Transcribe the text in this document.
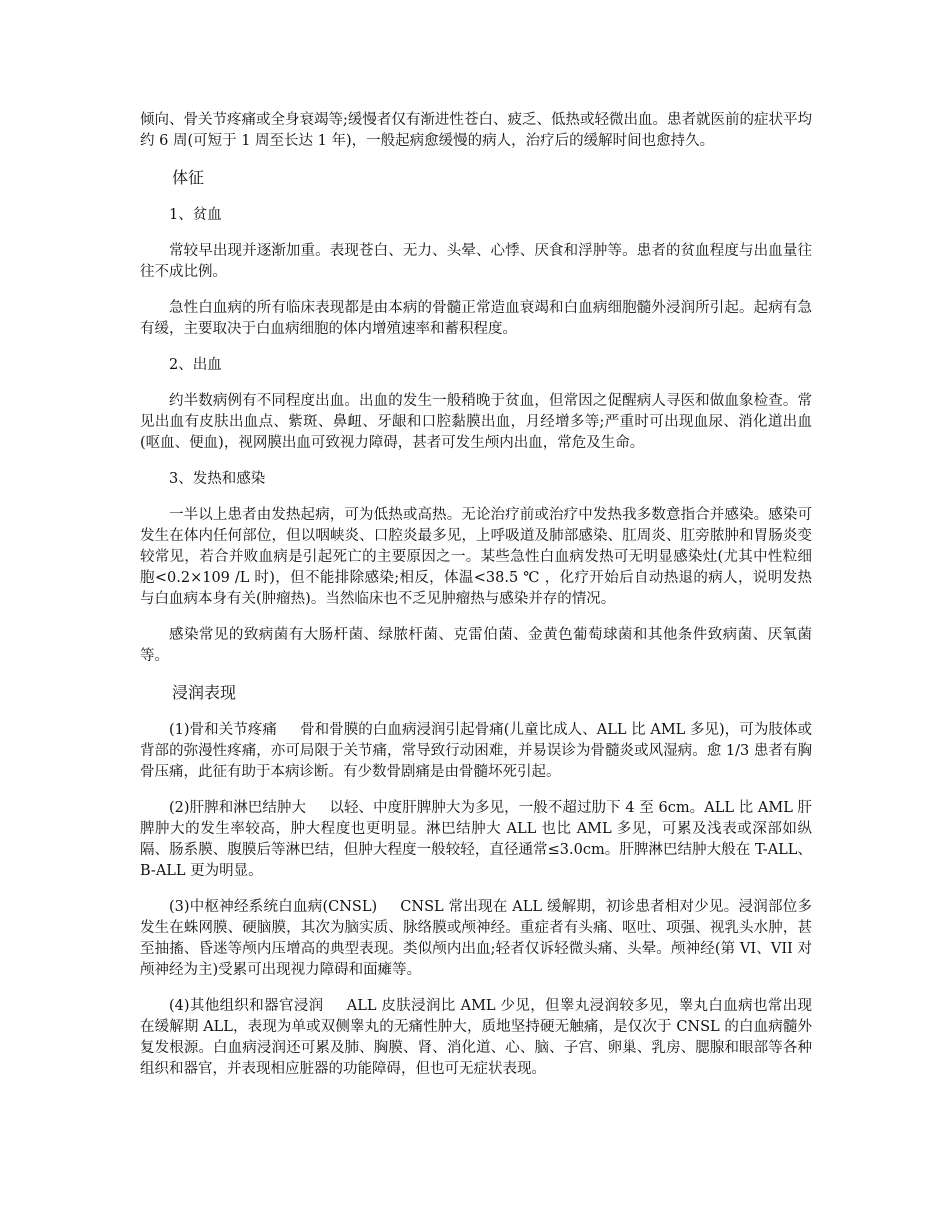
倾向、骨关节疼痛或全身衰竭等;缓慢者仅有渐进性苍白、疲乏、低热或轻微出血。患者就医前的症状平均约 6 周(可短于 1 周至长达 1 年)，一般起病愈缓慢的病人，治疗后的缓解时间也愈持久。

体征
1、贫血

常较早出现并逐渐加重。表现苍白、无力、头晕、心悸、厌食和浮肿等。患者的贫血程度与出血量往往不成比例。

急性白血病的所有临床表现都是由本病的骨髓正常造血衰竭和白血病细胞髓外浸润所引起。起病有急有缓，主要取决于白血病细胞的体内增殖速率和蓄积程度。

2、出血

约半数病例有不同程度出血。出血的发生一般稍晚于贫血，但常因之促醒病人寻医和做血象检查。常见出血有皮肤出血点、紫斑、鼻衄、牙龈和口腔黏膜出血，月经增多等;严重时可出现血尿、消化道出血(呕血、便血)，视网膜出血可致视力障碍，甚者可发生颅内出血，常危及生命。

3、发热和感染

一半以上患者由发热起病，可为低热或高热。无论治疗前或治疗中发热我多数意指合并感染。感染可发生在体内任何部位，但以咽峡炎、口腔炎最多见，上呼吸道及肺部感染、肛周炎、肛旁脓肿和胃肠炎变较常见，若合并败血病是引起死亡的主要原因之一。某些急性白血病发热可无明显感染灶(尤其中性粒细胞<0.2×109 /L 时)，但不能排除感染;相反，体温<38.5 ℃ ，化疗开始后自动热退的病人，说明发热与白血病本身有关(肿瘤热)。当然临床也不乏见肿瘤热与感染并存的情况。

感染常见的致病菌有大肠杆菌、绿脓杆菌、克雷伯菌、金黄色葡萄球菌和其他条件致病菌、厌氧菌等。

浸润表现

(1)骨和关节疼痛 骨和骨膜的白血病浸润引起骨痛(儿童比成人、ALL 比 AML 多见)，可为肢体或背部的弥漫性疼痛，亦可局限于关节痛，常导致行动困难，并易误诊为骨髓炎或风湿病。愈 1/3 患者有胸骨压痛，此征有助于本病诊断。有少数骨剧痛是由骨髓坏死引起。

(2)肝脾和淋巴结肿大 以轻、中度肝脾肿大为多见，一般不超过肋下 4 至 6cm。ALL 比 AML 肝脾肿大的发生率较高，肿大程度也更明显。淋巴结肿大 ALL 也比 AML 多见，可累及浅表或深部如纵隔、肠系膜、腹膜后等淋巴结，但肿大程度一般较轻，直径通常≤3.0cm。肝脾淋巴结肿大般在 T-ALL、B-ALL 更为明显。

(3)中枢神经系统白血病(CNSL) CNSL 常出现在 ALL 缓解期，初诊患者相对少见。浸润部位多发生在蛛网膜、硬脑膜，其次为脑实质、脉络膜或颅神经。重症者有头痛、呕吐、项强、视乳头水肿，甚至抽搐、昏迷等颅内压增高的典型表现。类似颅内出血;轻者仅诉轻微头痛、头晕。颅神经(第 VI、VII 对颅神经为主)受累可出现视力障碍和面瘫等。

(4)其他组织和器官浸润 ALL 皮肤浸润比 AML 少见，但睾丸浸润较多见，睾丸白血病也常出现在缓解期 ALL，表现为单或双侧睾丸的无痛性肿大，质地坚持硬无触痛，是仅次于 CNSL 的白血病髓外复发根源。白血病浸润还可累及肺、胸膜、肾、消化道、心、脑、子宫、卵巢、乳房、腮腺和眼部等各种组织和器官，并表现相应脏器的功能障碍，但也可无症状表现。
